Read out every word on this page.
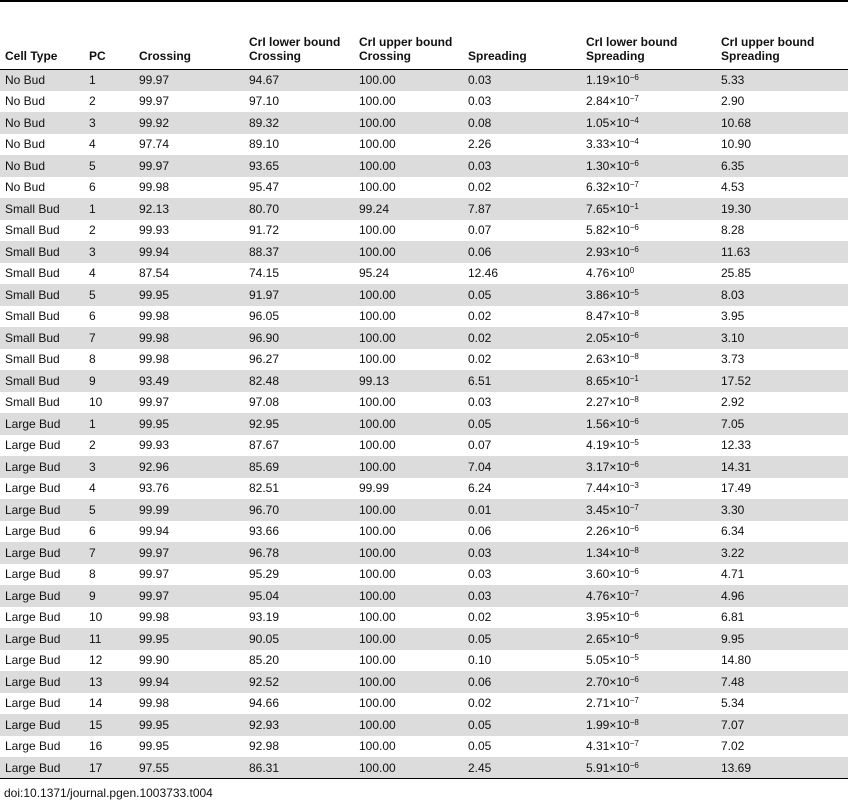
Cell Type	PC	Crossing	CrI lower bound Crossing	CrI upper bound Crossing	Spreading	CrI lower bound Spreading	CrI upper bound Spreading
No Bud	1	99.97	94.67	100.00	0.03	$1.19\times 10^{-6}$	5.33
No Bud	2	99.97	97.10	100.00	0.03	$2.84\times 10^{-7}$	2.90
No Bud	3	99.92	89.32	100.00	0.08	$1.05\times 10^{-4}$	10.68
No Bud	4	97.74	89.10	100.00	2.26	$3.33\times 10^{-4}$	10.90
No Bud	5	99.97	93.65	100.00	0.03	$1.30\times 10^{-6}$	6.35
No Bud	6	99.98	95.47	100.00	0.02	$6.32\times 10^{-7}$	4.53
Small Bud	1	92.13	80.70	99.24	7.87	$7.65\times 10^{-1}$	19.30
Small Bud	2	99.93	91.72	100.00	0.07	$5.82\times 10^{-6}$	8.28
Small Bud	3	99.94	88.37	100.00	0.06	$2.93\times 10^{-6}$	11.63
Small Bud	4	87.54	74.15	95.24	12.46	$4.76\times 10^0$	25.85
Small Bud	5	99.95	91.97	100.00	0.05	$3.86\times 10^{-5}$	8.03
Small Bud	6	99.98	96.05	100.00	0.02	$8.47\times 10^{-8}$	3.95
Small Bud	7	99.98	96.90	100.00	0.02	$2.05\times 10^{-6}$	3.10
Small Bud	8	99.98	96.27	100.00	0.02	$2.63\times 10^{-8}$	3.73
Small Bud	9	93.49	82.48	99.13	6.51	$8.65\times 10^{-1}$	17.52
Small Bud	10	99.97	97.08	100.00	0.03	$2.27\times 10^{-8}$	2.92
Large Bud	1	99.95	92.95	100.00	0.05	$1.56\times 10^{-6}$	7.05
Large Bud	2	99.93	87.67	100.00	0.07	$4.19\times 10^{-5}$	12.33
Large Bud	3	92.96	85.69	100.00	7.04	$3.17\times 10^{-6}$	14.31
Large Bud	4	93.76	82.51	99.99	6.24	$7.44\times 10^{-3}$	17.49
Large Bud	5	99.99	96.70	100.00	0.01	$3.45\times 10^{-7}$	3.30
Large Bud	6	99.94	93.66	100.00	0.06	$2.26\times 10^{-6}$	6.34
Large Bud	7	99.97	96.78	100.00	0.03	$1.34\times 10^{-8}$	3.22
Large Bud	8	99.97	95.29	100.00	0.03	$3.60\times 10^{-6}$	4.71
Large Bud	9	99.97	95.04	100.00	0.03	$4.76\times 10^{-7}$	4.96
Large Bud	10	99.98	93.19	100.00	0.02	$3.95\times 10^{-6}$	6.81
Large Bud	11	99.95	90.05	100.00	0.05	$2.65\times 10^{-6}$	9.95
Large Bud	12	99.90	85.20	100.00	0.10	$5.05\times 10^{-5}$	14.80
Large Bud	13	99.94	92.52	100.00	0.06	$2.70\times 10^{-6}$	7.48
Large Bud	14	99.98	94.66	100.00	0.02	$2.71\times 10^{-7}$	5.34
Large Bud	15	99.95	92.93	100.00	0.05	$1.99\times 10^{-8}$	7.07
Large Bud	16	99.95	92.98	100.00	0.05	$4.31\times 10^{-7}$	7.02
Large Bud	17	97.55	86.31	100.00	2.45	$5.91\times 10^{-6}$	13.69
doi:10.1371/journal.pgen.1003733.t004
